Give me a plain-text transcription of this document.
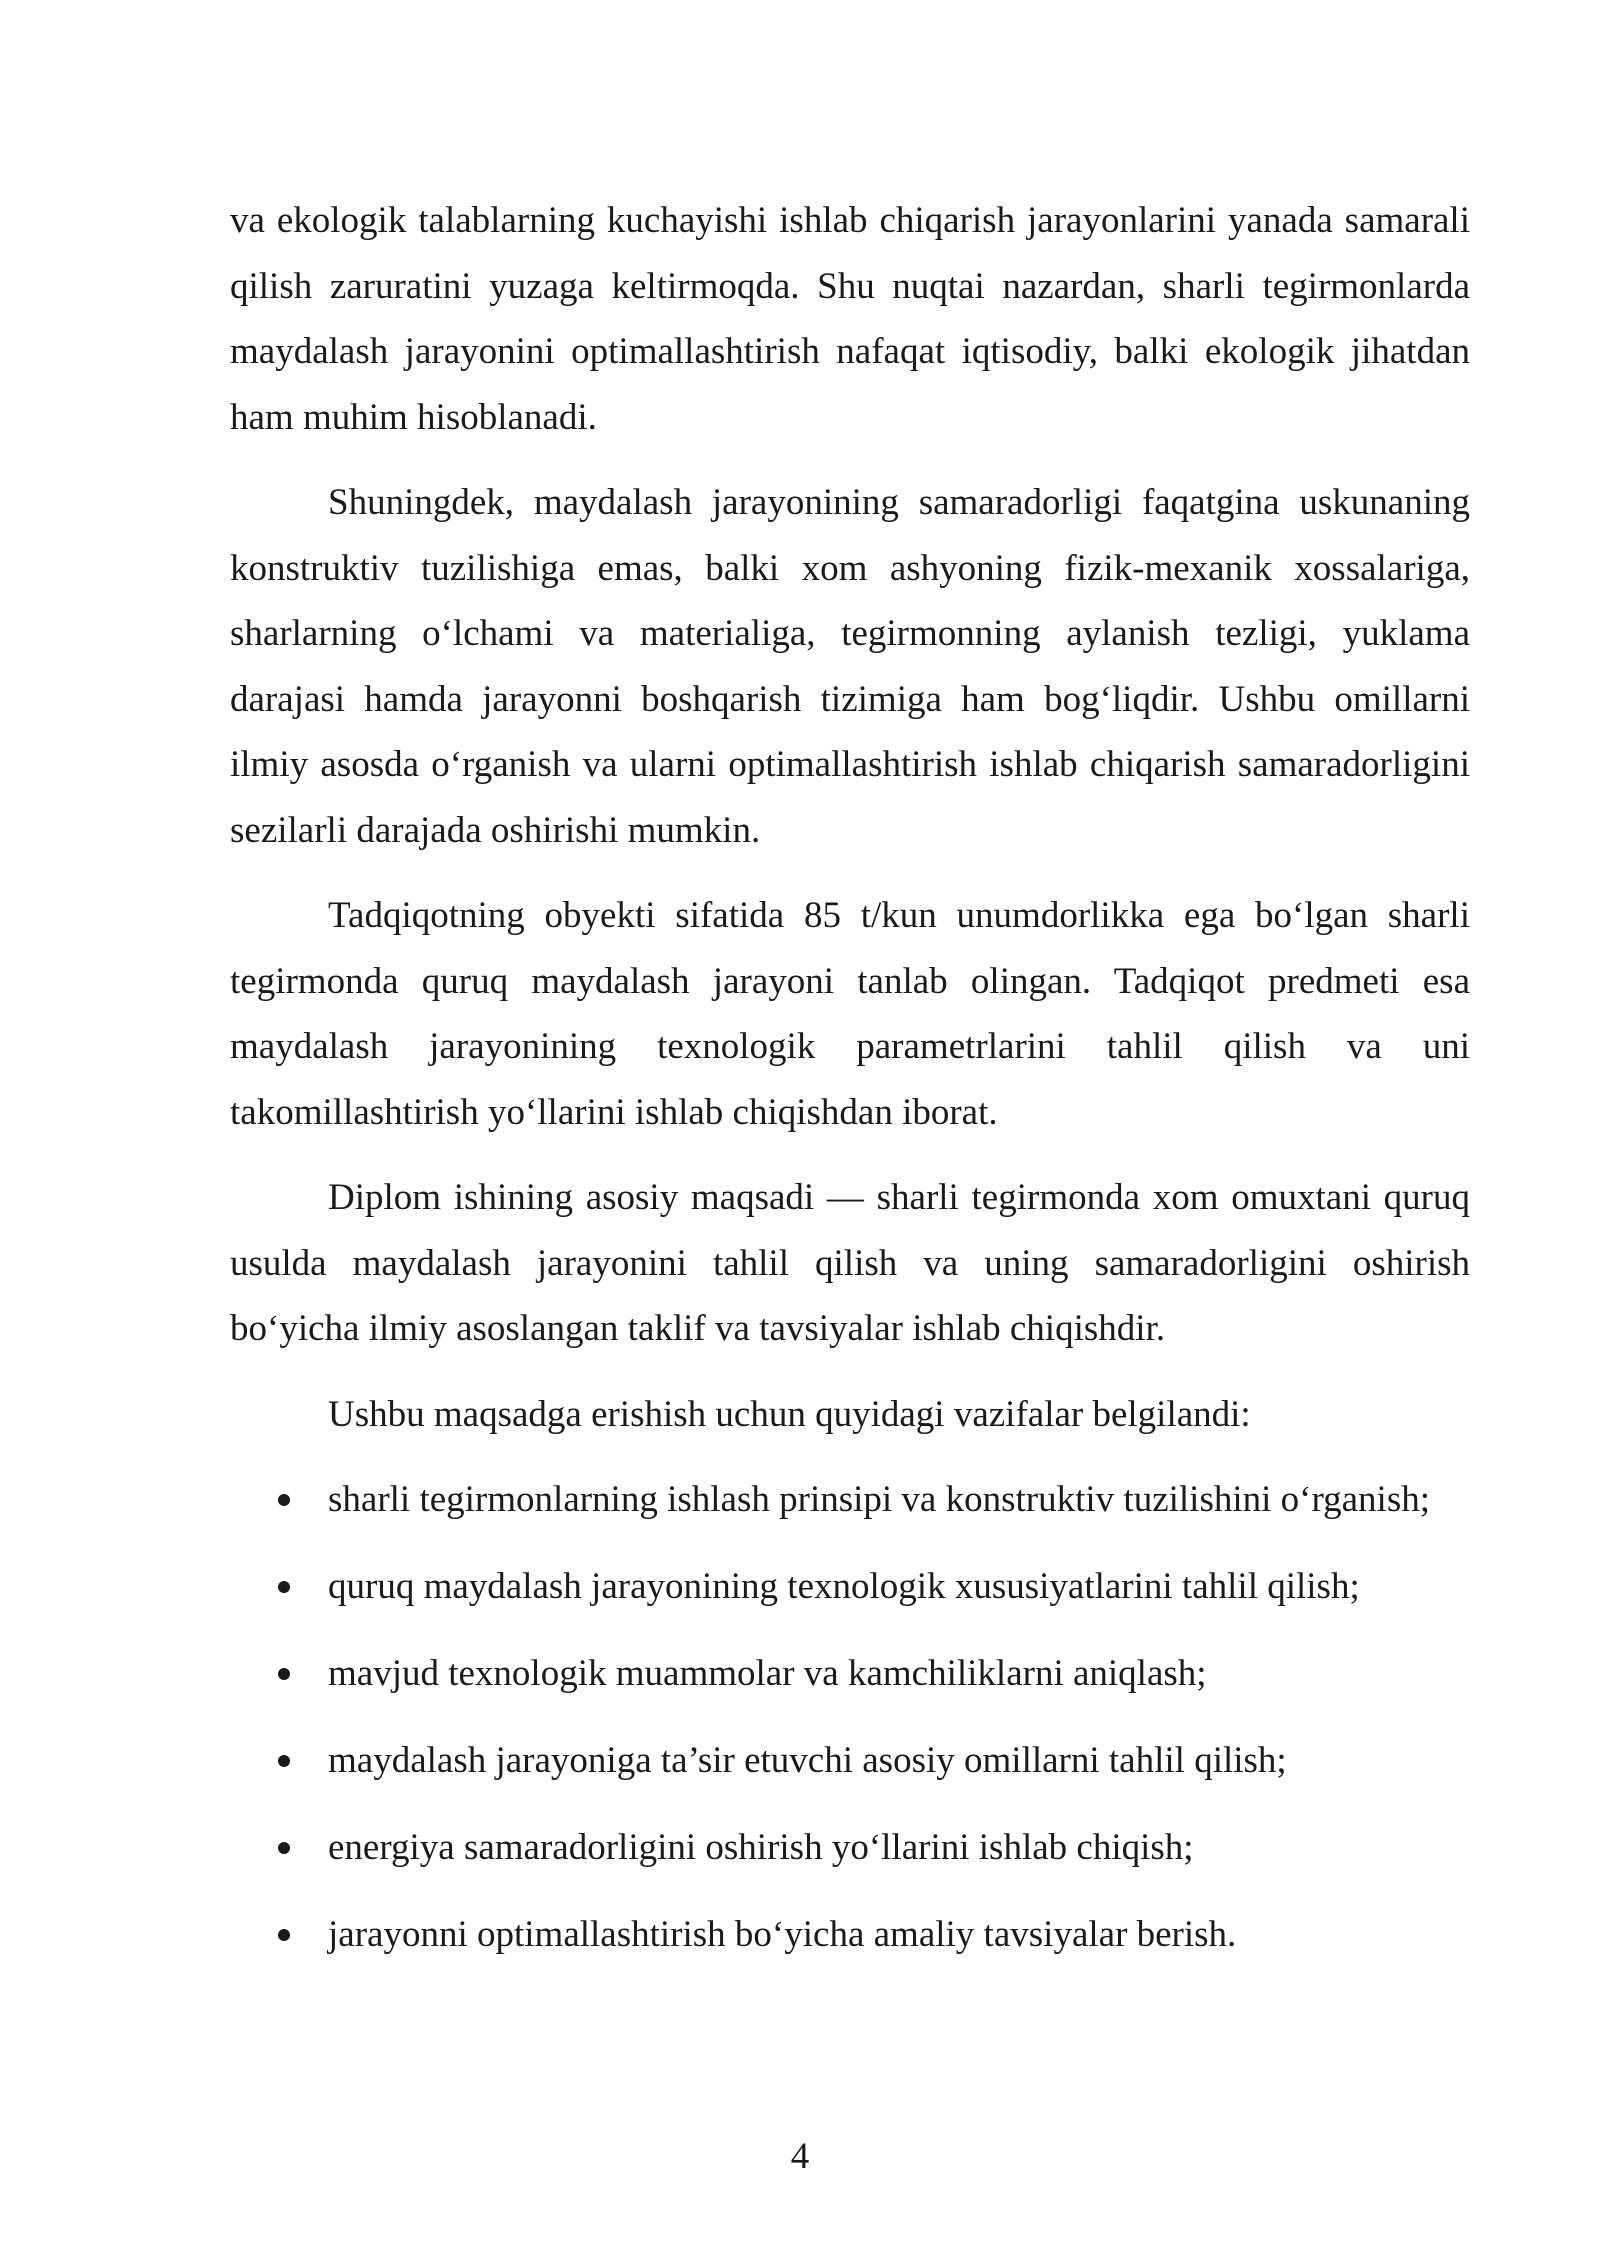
va ekologik talablarning kuchayishi ishlab chiqarish jarayonlarini yanada samarali qilish zaruratini yuzaga keltirmoqda. Shu nuqtai nazardan, sharli tegirmonlarda maydalash jarayonini optimallashtirish nafaqat iqtisodiy, balki ekologik jihatdan ham muhim hisoblanadi.

Shuningdek, maydalash jarayonining samaradorligi faqatgina uskunaning konstruktiv tuzilishiga emas, balki xom ashyoning fizik-mexanik xossalariga, sharlarning o‘lchami va materialiga, tegirmonning aylanish tezligi, yuklama darajasi hamda jarayonni boshqarish tizimiga ham bog‘liqdir. Ushbu omillarni ilmiy asosda o‘rganish va ularni optimallashtirish ishlab chiqarish samaradorligini sezilarli darajada oshirishi mumkin.

Tadqiqotning obyekti sifatida 85 t/kun unumdorlikka ega bo‘lgan sharli tegirmonda quruq maydalash jarayoni tanlab olingan. Tadqiqot predmeti esa maydalash jarayonining texnologik parametrlarini tahlil qilish va uni takomillashtirish yo‘llarini ishlab chiqishdan iborat.

Diplom ishining asosiy maqsadi — sharli tegirmonda xom omuxtani quruq usulda maydalash jarayonini tahlil qilish va uning samaradorligini oshirish bo‘yicha ilmiy asoslangan taklif va tavsiyalar ishlab chiqishdir.

Ushbu maqsadga erishish uchun quyidagi vazifalar belgilandi:

sharli tegirmonlarning ishlash prinsipi va konstruktiv tuzilishini o‘rganish;
quruq maydalash jarayonining texnologik xususiyatlarini tahlil qilish;
mavjud texnologik muammolar va kamchiliklarni aniqlash;
maydalash jarayoniga ta’sir etuvchi asosiy omillarni tahlil qilish;
energiya samaradorligini oshirish yo‘llarini ishlab chiqish;
jarayonni optimallashtirish bo‘yicha amaliy tavsiyalar berish.
4
